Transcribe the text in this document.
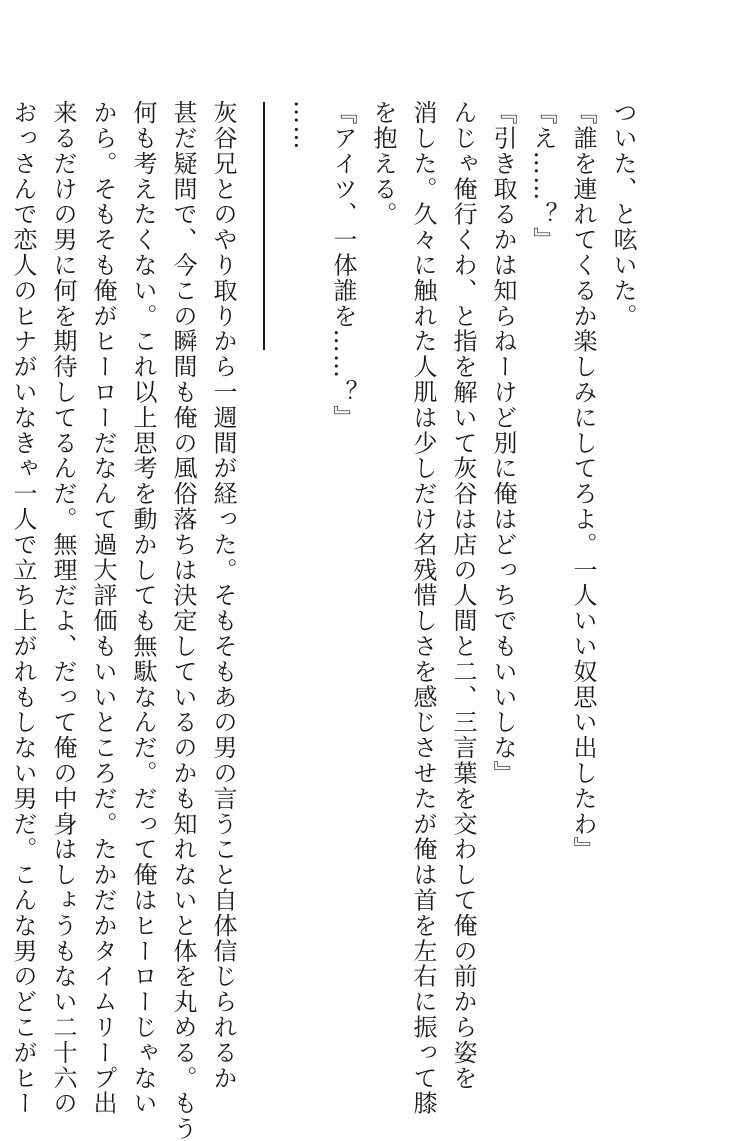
ついた、と呟いた。
『誰を連れてくるか楽しみにしてろよ。一人いい奴思い出したわ』
『え……？』
『引き取るかは知らねーけど別に俺はどっちでもいいしな』
んじゃ俺行くわ、と指を解いて灰谷は店の人間と二、三言葉を交わして俺の前から姿を
消した。久々に触れた人肌は少しだけ名残惜しさを感じさせたが俺は首を左右に振って膝
を抱える。
『アイツ、一体誰を……？』
……
灰谷兄とのやり取りから一週間が経った。そもそもあの男の言うこと自体信じられるか
甚だ疑問で、今この瞬間も俺の風俗落ちは決定しているのかも知れないと体を丸める。もう
何も考えたくない。これ以上思考を動かしても無駄なんだ。だって俺はヒーローじゃない
から。そもそも俺がヒーローだなんて過大評価もいいところだ。たかだかタイムリープ出
来るだけの男に何を期待してるんだ。無理だよ、だって俺の中身はしょうもない二十六の
おっさんで恋人のヒナがいなきゃ一人で立ち上がれもしない男だ。こんな男のどこがヒー
